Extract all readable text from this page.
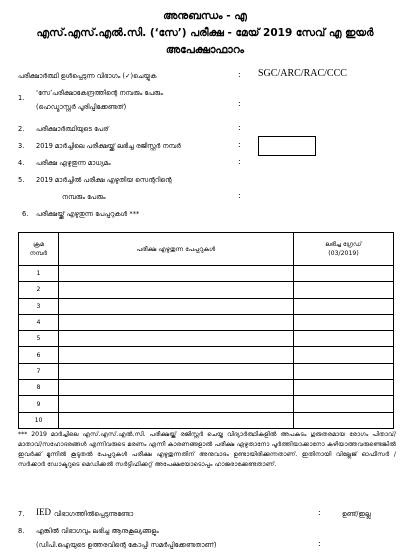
അനുബന്ധം - എ
എസ്.എസ്.എൽ.സി. (‘സേ’) പരീക്ഷ - മേയ് 2019 സേവ് എ ഇയർ
അപേക്ഷാഫാറം
പരീക്ഷാർത്ഥി ഉൾപ്പെടുന്ന വിഭാഗം (✓)ചെയ്യുക	: SGC/ARC/RAC/CCC
1.
‘സേ’പരീക്ഷാകേന്ദ്രത്തിന്റെ നമ്പരും പേരും
(ഹെഡ്മാസ്റ്റർ പൂരിപ്പിക്കേണ്ടത്)	:
2. പരീക്ഷാർത്ഥിയുടെ പേര്	:
3. 2019 മാർച്ചിലെ പരീക്ഷയ്ക്ക് ലഭിച്ച രജിസ്റ്റർ നമ്പർ	:
4. പരീക്ഷ എഴുതുന്ന മാധ്യമം	:
5. 2019 മാർച്ചിൽ പരീക്ഷ എഴുതിയ സെന്ററിന്റെ
നമ്പരും പേരും	:
6. പരീക്ഷയ്ക്ക് എഴുതുന്ന പേപ്പറുകൾ ***
ക്രമ
നമ്പർ	പരീക്ഷ എഴുതുന്ന പേപ്പറുകൾ	ലഭിച്ച ഗ്രേഡ്
(03/2019)
1		
2		
3		
4		
5		
6		
7		
8		
9		
10		
*** 2019 മാർച്ചിലെ എസ്.എസ്.എൽ.സി. പരീക്ഷയ്ക്ക് രജിസ്റ്റർ ചെയ്ത വിദ്യാർത്ഥികളിൽ അപകടം ഗുരുതരമായ രോഗം പിതാവ്/മാതാവ്/സഹോദരങ്ങൾ എന്നിവരുടെ മരണം എന്നീ കാരണങ്ങളാൽ പരീക്ഷ എഴുതാനോ പൂർത്തിയാക്കാനോ കഴിയാത്തവരുണ്ടെങ്കിൽ ഇവർക്ക് മൂന്നിൽ കൂടുതൽ പേപ്പറുകൾ പരീക്ഷ എഴുതുന്നതിന് അനുവാദം ഉണ്ടായിരിക്കുന്നതാണ്. ഇതിനായി വില്ലേജ് ഓഫീസർ / സർക്കാർ ഡോക്ടറുടെ മെഡിക്കൽ സർട്ടിഫിക്കറ്റ് അപേക്ഷയോടൊപ്പം ഹാജരാക്കേണ്ടതാണ്.
7. IED വിഭാഗത്തിൽപ്പെടുന്നുണ്ടോ	:	ഉണ്ട്/ഇല്ല
8. എങ്കിൽ വിഭാഗവും ലഭിച്ച ആനുകൂല്യങ്ങളും
(ഡിപി.ഐയുടെ ഉത്തരവിന്റെ കോപ്പി സമർപ്പിക്കേണ്ടതാണ്)	:
